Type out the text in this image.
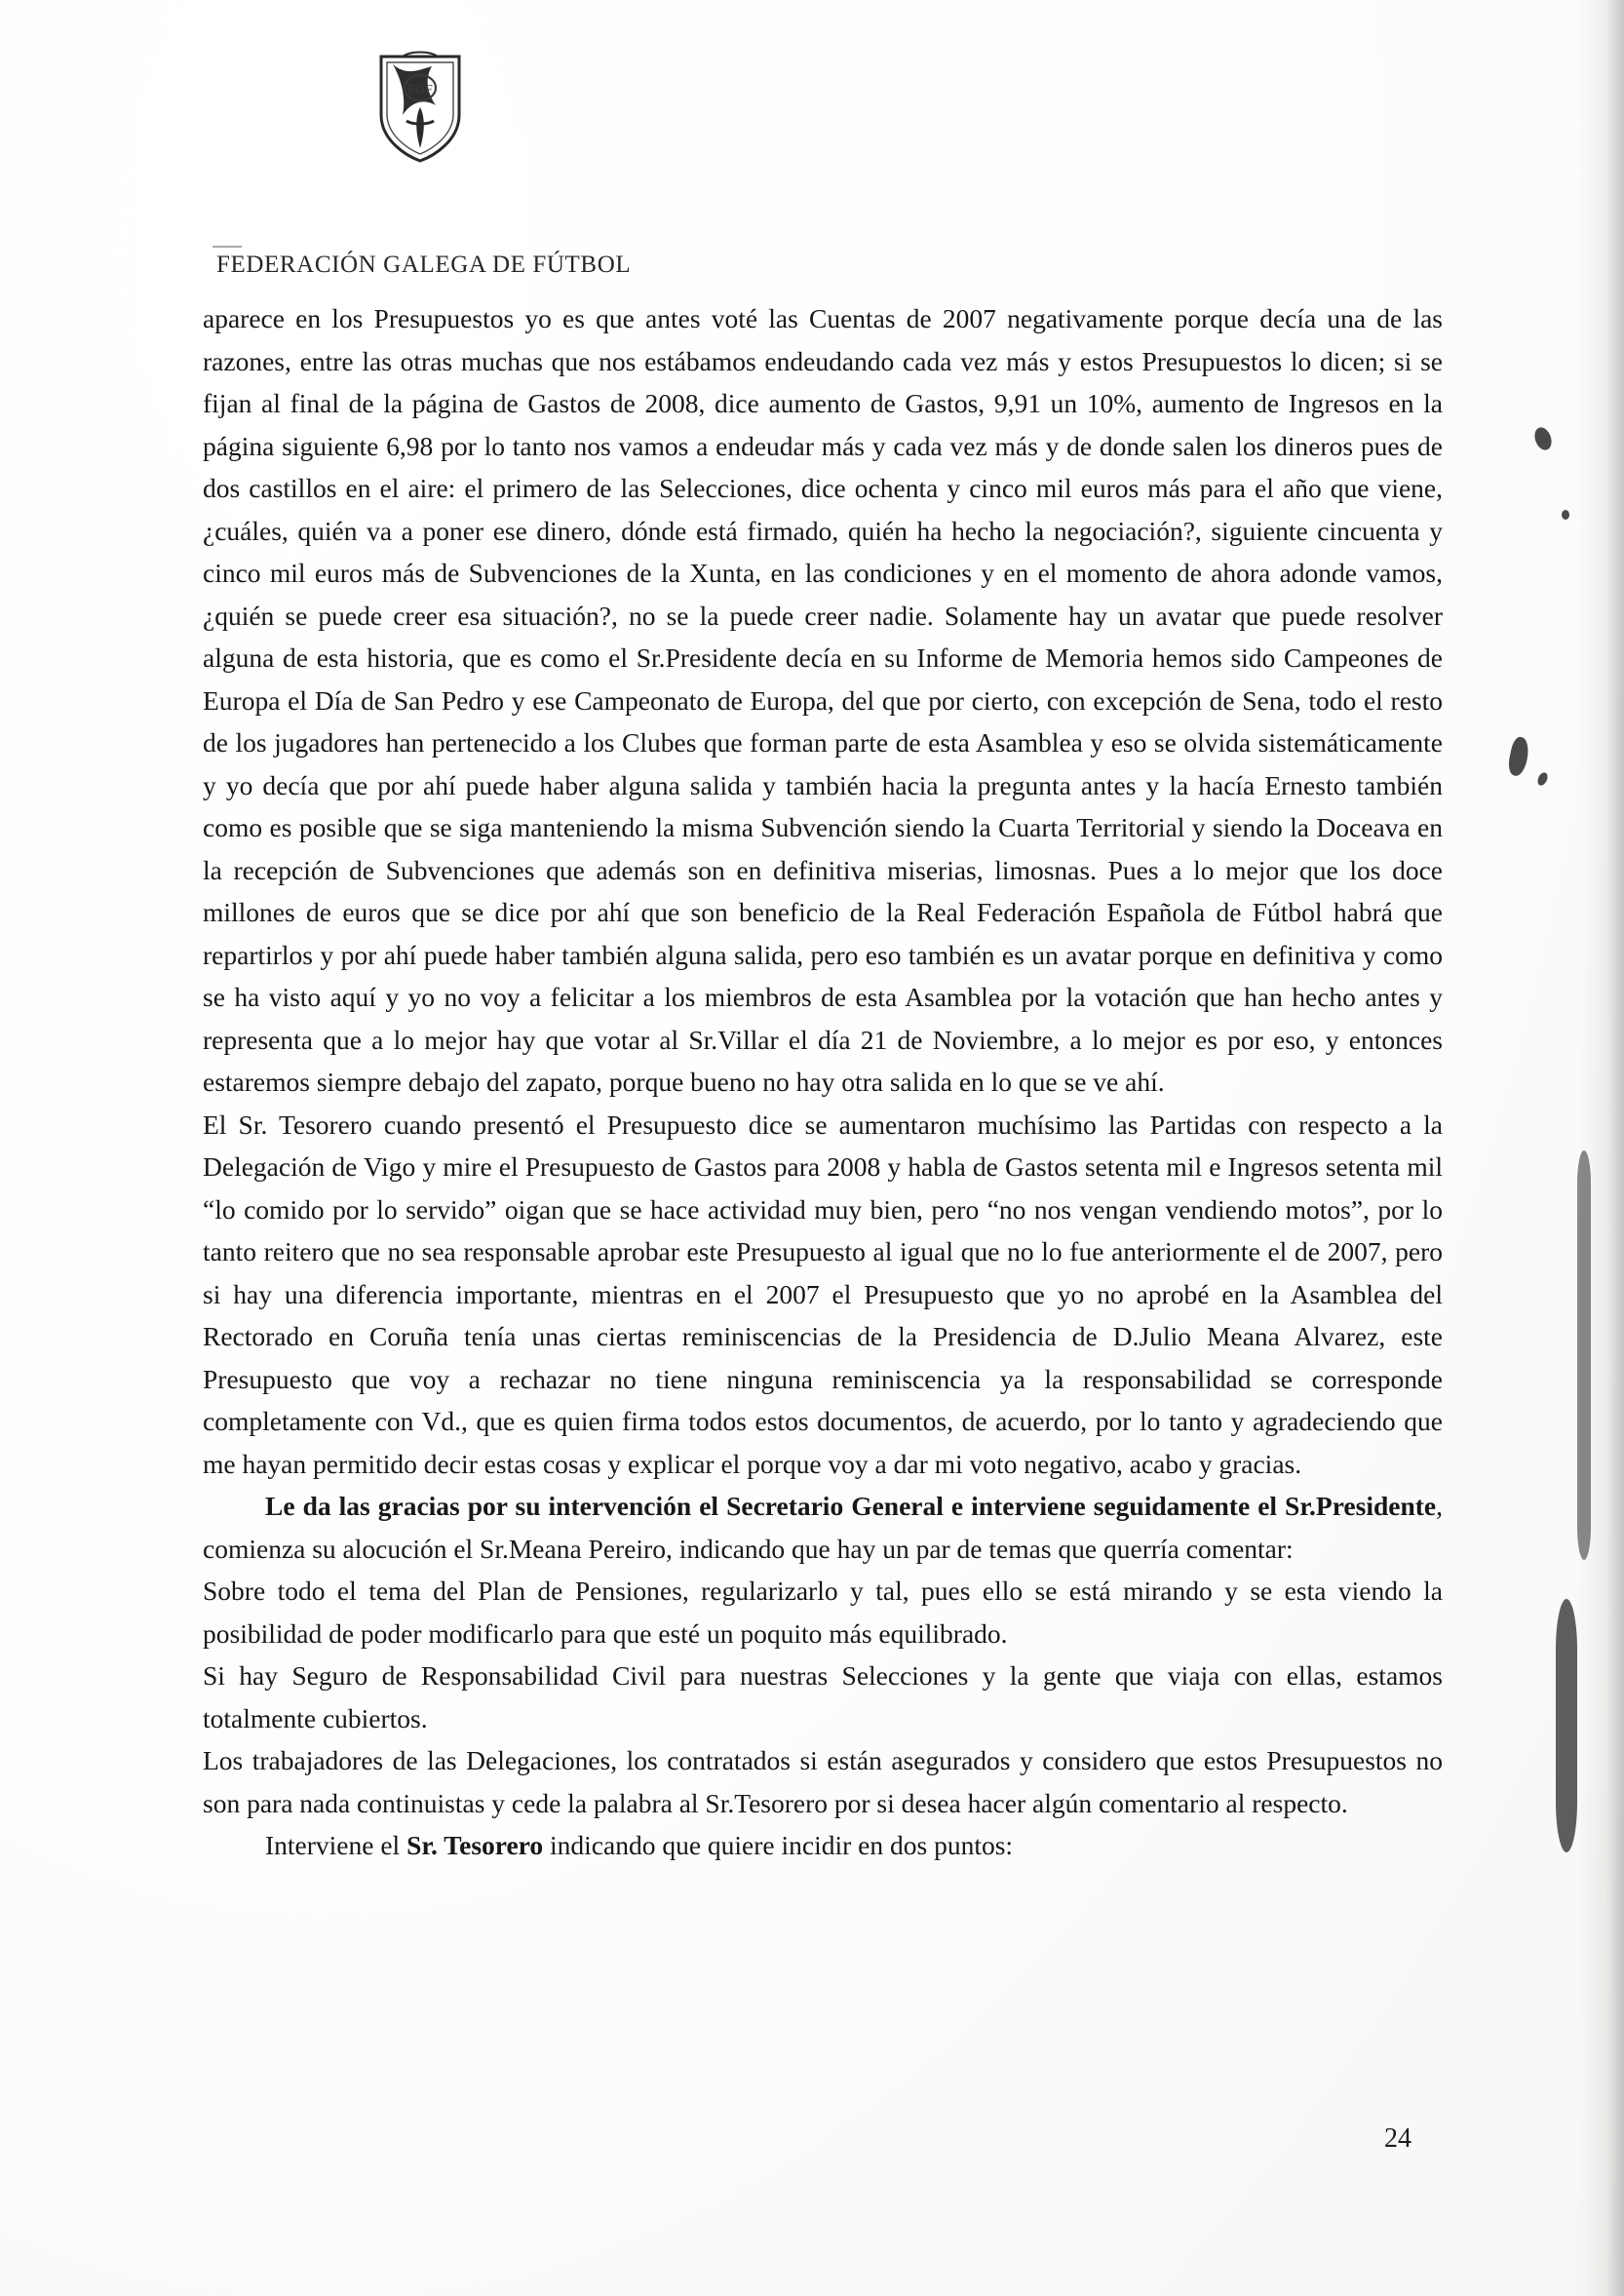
FGF
FEDERACIÓN GALEGA DE FÚTBOL

aparece en los Presupuestos yo es que antes voté las Cuentas de 2007 negativamente porque decía una de las razones, entre las otras muchas que nos estábamos endeudando cada vez más y estos Presupuestos lo dicen; si se fijan al final de la página de Gastos de 2008, dice aumento de Gastos, 9,91 un 10%, aumento de Ingresos en la página siguiente 6,98 por lo tanto nos vamos a endeudar más y cada vez más y de donde salen los dineros pues de dos castillos en el aire: el primero de las Selecciones, dice ochenta y cinco mil euros más para el año que viene, ¿cuáles, quién va a poner ese dinero, dónde está firmado, quién ha hecho la negociación?, siguiente cincuenta y cinco mil euros más de Subvenciones de la Xunta, en las condiciones y en el momento de ahora adonde vamos, ¿quién se puede creer esa situación?, no se la puede creer nadie. Solamente hay un avatar que puede resolver alguna de esta historia, que es como el Sr.Presidente decía en su Informe de Memoria hemos sido Campeones de Europa el Día de San Pedro y ese Campeonato de Europa, del que por cierto, con excepción de Sena, todo el resto de los jugadores han pertenecido a los Clubes que forman parte de esta Asamblea y eso se olvida sistemáticamente y yo decía que por ahí puede haber alguna salida y también hacia la pregunta antes y la hacía Ernesto también como es posible que se siga manteniendo la misma Subvención siendo la Cuarta Territorial y siendo la Doceava en la recepción de Subvenciones que además son en definitiva miserias, limosnas. Pues a lo mejor que los doce millones de euros que se dice por ahí que son beneficio de la Real Federación Española de Fútbol habrá que repartirlos y por ahí puede haber también alguna salida, pero eso también es un avatar porque en definitiva y como se ha visto aquí y yo no voy a felicitar a los miembros de esta Asamblea por la votación que han hecho antes y representa que a lo mejor hay que votar al Sr.Villar el día 21 de Noviembre, a lo mejor es por eso, y entonces estaremos siempre debajo del zapato, porque bueno no hay otra salida en lo que se ve ahí.

El Sr. Tesorero cuando presentó el Presupuesto dice se aumentaron muchísimo las Partidas con respecto a la Delegación de Vigo y mire el Presupuesto de Gastos para 2008 y habla de Gastos setenta mil e Ingresos setenta mil “lo comido por lo servido” oigan que se hace actividad muy bien, pero “no nos vengan vendiendo motos”, por lo tanto reitero que no sea responsable aprobar este Presupuesto al igual que no lo fue anteriormente el de 2007, pero si hay una diferencia importante, mientras en el 2007 el Presupuesto que yo no aprobé en la Asamblea del Rectorado en Coruña tenía unas ciertas reminiscencias de la Presidencia de D.Julio Meana Alvarez, este Presupuesto que voy a rechazar no tiene ninguna reminiscencia ya la responsabilidad se corresponde completamente con Vd., que es quien firma todos estos documentos, de acuerdo, por lo tanto y agradeciendo que me hayan permitido decir estas cosas y explicar el porque voy a dar mi voto negativo, acabo y gracias.

Le da las gracias por su intervención el Secretario General e interviene seguidamente el Sr.Presidente, comienza su alocución el Sr.Meana Pereiro, indicando que hay un par de temas que querría comentar:

Sobre todo el tema del Plan de Pensiones, regularizarlo y tal, pues ello se está mirando y se esta viendo la posibilidad de poder modificarlo para que esté un poquito más equilibrado.

Si hay Seguro de Responsabilidad Civil para nuestras Selecciones y la gente que viaja con ellas, estamos totalmente cubiertos.

Los trabajadores de las Delegaciones, los contratados si están asegurados y considero que estos Presupuestos no son para nada continuistas y cede la palabra al Sr.Tesorero por si desea hacer algún comentario al respecto.

Interviene el Sr. Tesorero indicando que quiere incidir en dos puntos:

24
